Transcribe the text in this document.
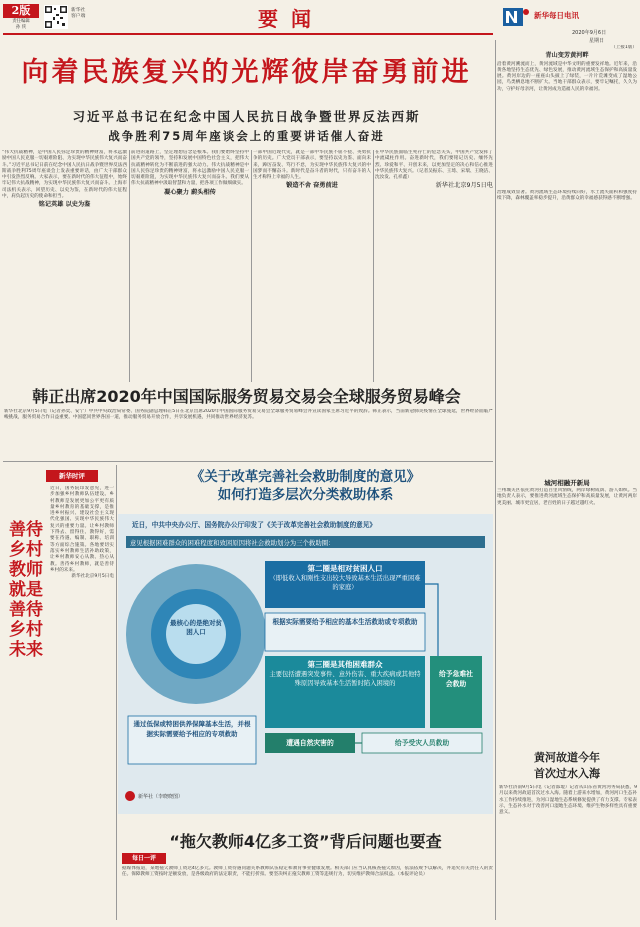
2版
责任编辑
孙 侠
新华社
客户端	要 闻	新华每日电讯
2020年9月6日
星期日
向着民族复兴的光辉彼岸奋勇前进
习近平总书记在纪念中国人民抗日战争暨世界反法西斯
战争胜利75周年座谈会上的重要讲话催人奋进
“伟大抗战精神，是中国人民弥足珍贵的精神财富，将永远激励中国人民克服一切艰难险阻、为实现中华民族伟大复兴而奋斗。”习近平总书记日前在纪念中国人民抗日战争暨世界反法西斯战争胜利75周年座谈会上发表重要讲话，由广大干部群众中引发热烈反响。大家表示，要在新时代的伟大征程中，始终牢记伟大抗战精神，为实现中华民族伟大复兴而奋斗。上海市司法机关表示，回望历史、以史为鉴，在新时代的伟大征程中，肩负起历史的使命和担当。
铭记英雄 以史为鉴
前进的道路上，坚定理想信念是根本。我们要始终坚持中国共产党的领导，坚持和发展中国特色社会主义，把伟大抗战精神转化为不断前进的强大动力。伟大抗战精神是中国人民弥足珍贵的精神财富，将永远激励中国人民克服一切艰难险阻，为实现中华民族伟大复兴而奋斗。我们要从伟大抗战精神中汲取智慧和力量，把各项工作做细做实。
凝心聚力 蔚头相传
一部中国近现代史，就是一部中华民族不屈不挠、英勇抗争的历史。广大党员干部表示，要坚持以史为鉴、面向未来，踔厉奋发、笃行不怠，为实现中华民族伟大复兴的中国梦而不懈奋斗。新时代是奋斗者的时代，只有奋斗的人生才称得上幸福的人生。
锻造不舍 奋勇前进
在中华民族面临生死存亡的危急关头，中国共产党发挥了中流砥柱作用。奋进新时代，我们要铭记历史、缅怀先烈、珍爱和平、开创未来，以更加坚定的决心和信心推进中华民族伟大复兴。（记者吴振东、王琦、宋瑞、王晓洁、沈汝发、孔祥鑫）
新华社北京9月5日电
（上接1版）
青山变芳黄河畔
沿着黄河溯流而上，黄河流域是中华文明的重要发祥地。近年来，沿黄各地坚持生态优先、绿色发展，推动黄河流域生态保护和高质量发展。黄河岸边的一座座山头披上了绿装，一片片荒滩变成了湿地公园，鸟类栖息地不断扩大。当地干部群众表示，要牢记嘱托，久久为功，守护好母亲河，让黄河成为造福人民的幸福河。
韩正出席2020年中国国际服务贸易交易会全球服务贸易峰会
新华社北京9月5日电（记者孙奕、安宁）中共中央政治局常委、国务院副总理韩正5日在北京出席2020年中国国际服务贸易交易会全球服务贸易峰会并宣读国家主席习近平的致辞。韩正表示，当前新冠肺炎疫情在全球蔓延，世界经济面临严峻挑战，服务贸易合作日益重要。中国愿同世界各国一道，推动服务贸易开放合作，共享发展机遇，共同推动世界经济复苏。
新华时评
善待乡村教师就是善待乡村未来
近日，国务院印发意见，进一步加强乡村教师队伍建设。乡村教师是发展更加公平更有质量乡村教育的基础支撑，是推进乡村振兴、建设社会主义现代化强国、实现中华民族伟大复兴的重要力量。让乡村教师下得去、留得住、教得好，需要在待遇、编制、职称、培训等方面综合施策。各地要切实落实乡村教师生活补助政策，让乡村教师安心从教、热心从教。善待乡村教师，就是善待乡村的未来。
新华社北京9月5日电
《关于改革完善社会救助制度的意见》
如何打造多层次分类救助体系
近日，中共中央办公厅、国务院办公厅印发了《关于改革完善社会救助制度的意见》
意见根据困难群众的困难程度和致困原因将社会救助划分为三个救助圈：
最核心的是绝对贫困人口
第二圈是相对贫困人口
（即低收入和刚性支出较大导致基本生活出现严重困难的家庭）
根据实际需要给予相应的基本生活救助或专项救助
第三圈是其他困难群众
主要包括遭遇突发事件、意外伤害、重大疾病或其他特殊原因导致基本生活暂时陷入困境的
给予急难社会救助
通过低保或特困供养保障基本生活，并根据实际需要给予相应的专项救助
遭遇自然灾害的	给予受灾人员救助
新华社（李晓晓图）
“拖欠教师4亿多工资”背后问题也要查
每日一评
据媒体报道，某地拖欠教师工资达4亿多元。教师工资待遇问题关系教师队伍稳定和教育事业健康发展。相关部门应当认真核查拖欠原因，依法依规予以解决，并追究有关责任人的责任。保障教师工资按时足额发放，是各级政府的法定职责，不能打折扣。要坚决纠正拖欠教师工资等违规行为，切实维护教师合法权益。（本报评论员）
治理成效显著。黄河流域生态环境持续向好，水土流失面积和强度持续下降，森林覆盖率稳步提升，沿黄群众的幸福感获得感不断增强。
城河相融开新局
兰州城关区依托黄河打造百里风情线，两岸绿树成荫、游人如织。当地负责人表示，要推进黄河流域生态保护和高质量发展，让黄河两岸更美丽、城市更宜居，老百姓的日子越过越红火。
黄河故道今年
首次过水入海
新华社济南9月5日电（记者邵琨）记者从山东省黄河河务局获悉，9月以来黄河故道首次过水入海。随着上游来水增加，黄河河口生态补水工作持续推进，为河口湿地生态系统修复提供了有力支撑。专家表示，生态补水对于改善河口湿地生态环境、维护生物多样性具有重要意义。
